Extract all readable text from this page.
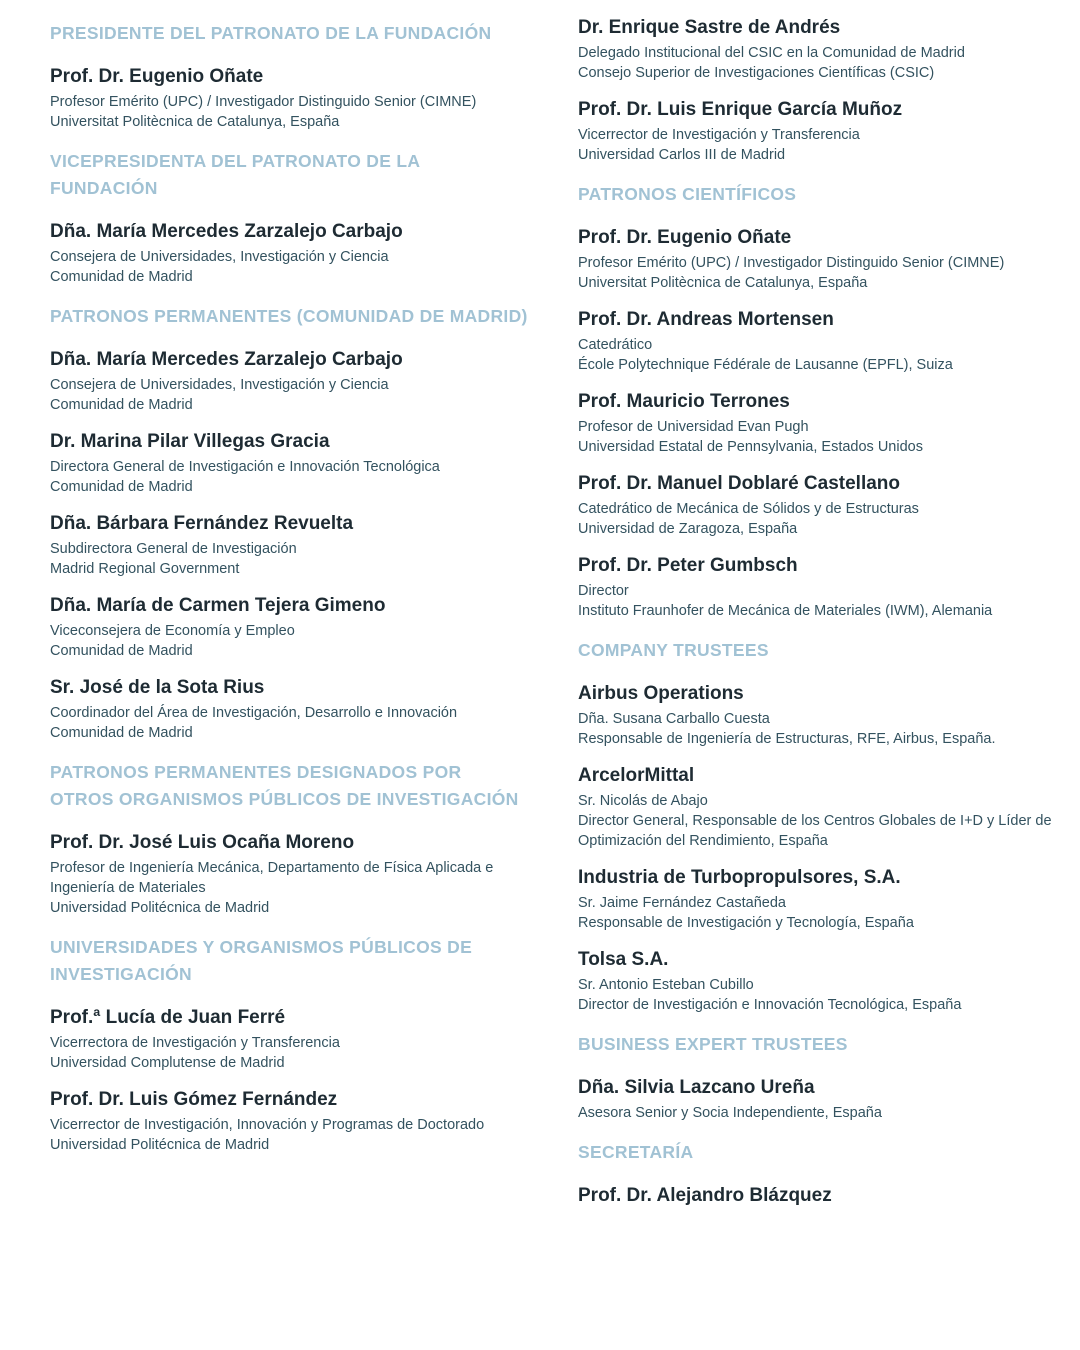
PRESIDENTE DEL PATRONATO DE LA FUNDACIÓN
Prof. Dr. Eugenio Oñate

Profesor Emérito (UPC) / Investigador Distinguido Senior (CIMNE)

Universitat Politècnica de Catalunya, España

VICEPRESIDENTA DEL PATRONATO DE LA FUNDACIÓN
Dña. María Mercedes Zarzalejo Carbajo

Consejera de Universidades, Investigación y Ciencia

Comunidad de Madrid

PATRONOS PERMANENTES (COMUNIDAD DE MADRID)
Dña. María Mercedes Zarzalejo Carbajo

Consejera de Universidades, Investigación y Ciencia

Comunidad de Madrid

Dr. Marina Pilar Villegas Gracia

Directora General de Investigación e Innovación Tecnológica

Comunidad de Madrid

Dña. Bárbara Fernández Revuelta

Subdirectora General de Investigación

Madrid Regional Government

Dña. María de Carmen Tejera Gimeno

Viceconsejera de Economía y Empleo

Comunidad de Madrid

Sr. José de la Sota Rius

Coordinador del Área de Investigación, Desarrollo e Innovación

Comunidad de Madrid

PATRONOS PERMANENTES DESIGNADOS POR OTROS ORGANISMOS PÚBLICOS DE INVESTIGACIÓN
Prof. Dr. José Luis Ocaña Moreno

Profesor de Ingeniería Mecánica, Departamento de Física Aplicada e Ingeniería de Materiales

Universidad Politécnica de Madrid

UNIVERSIDADES Y ORGANISMOS PÚBLICOS DE INVESTIGACIÓN
Prof.ª Lucía de Juan Ferré

Vicerrectora de Investigación y Transferencia

Universidad Complutense de Madrid

Prof. Dr. Luis Gómez Fernández

Vicerrector de Investigación, Innovación y Programas de Doctorado

Universidad Politécnica de Madrid

Dr. Enrique Sastre de Andrés

Delegado Institucional del CSIC en la Comunidad de Madrid

Consejo Superior de Investigaciones Científicas (CSIC)

Prof. Dr. Luis Enrique García Muñoz

Vicerrector de Investigación y Transferencia

Universidad Carlos III de Madrid

PATRONOS CIENTÍFICOS
Prof. Dr. Eugenio Oñate

Profesor Emérito (UPC) / Investigador Distinguido Senior (CIMNE)

Universitat Politècnica de Catalunya, España

Prof. Dr. Andreas Mortensen

Catedrático

École Polytechnique Fédérale de Lausanne (EPFL), Suiza

Prof. Mauricio Terrones

Profesor de Universidad Evan Pugh

Universidad Estatal de Pennsylvania, Estados Unidos

Prof. Dr. Manuel Doblaré Castellano

Catedrático de Mecánica de Sólidos y de Estructuras

Universidad de Zaragoza, España

Prof. Dr. Peter Gumbsch

Director

Instituto Fraunhofer de Mecánica de Materiales (IWM), Alemania

COMPANY TRUSTEES
Airbus Operations

Dña. Susana Carballo Cuesta

Responsable de Ingeniería de Estructuras, RFE, Airbus, España.

ArcelorMittal

Sr. Nicolás de Abajo

Director General, Responsable de los Centros Globales de I+D y Líder de Optimización del Rendimiento, España

Industria de Turbopropulsores, S.A.

Sr. Jaime Fernández Castañeda

Responsable de Investigación y Tecnología, España

Tolsa S.A.

Sr. Antonio Esteban Cubillo

Director de Investigación e Innovación Tecnológica, España

BUSINESS EXPERT TRUSTEES
Dña. Silvia Lazcano Ureña

Asesora Senior y Socia Independiente, España

SECRETARÍA
Prof. Dr. Alejandro Blázquez
